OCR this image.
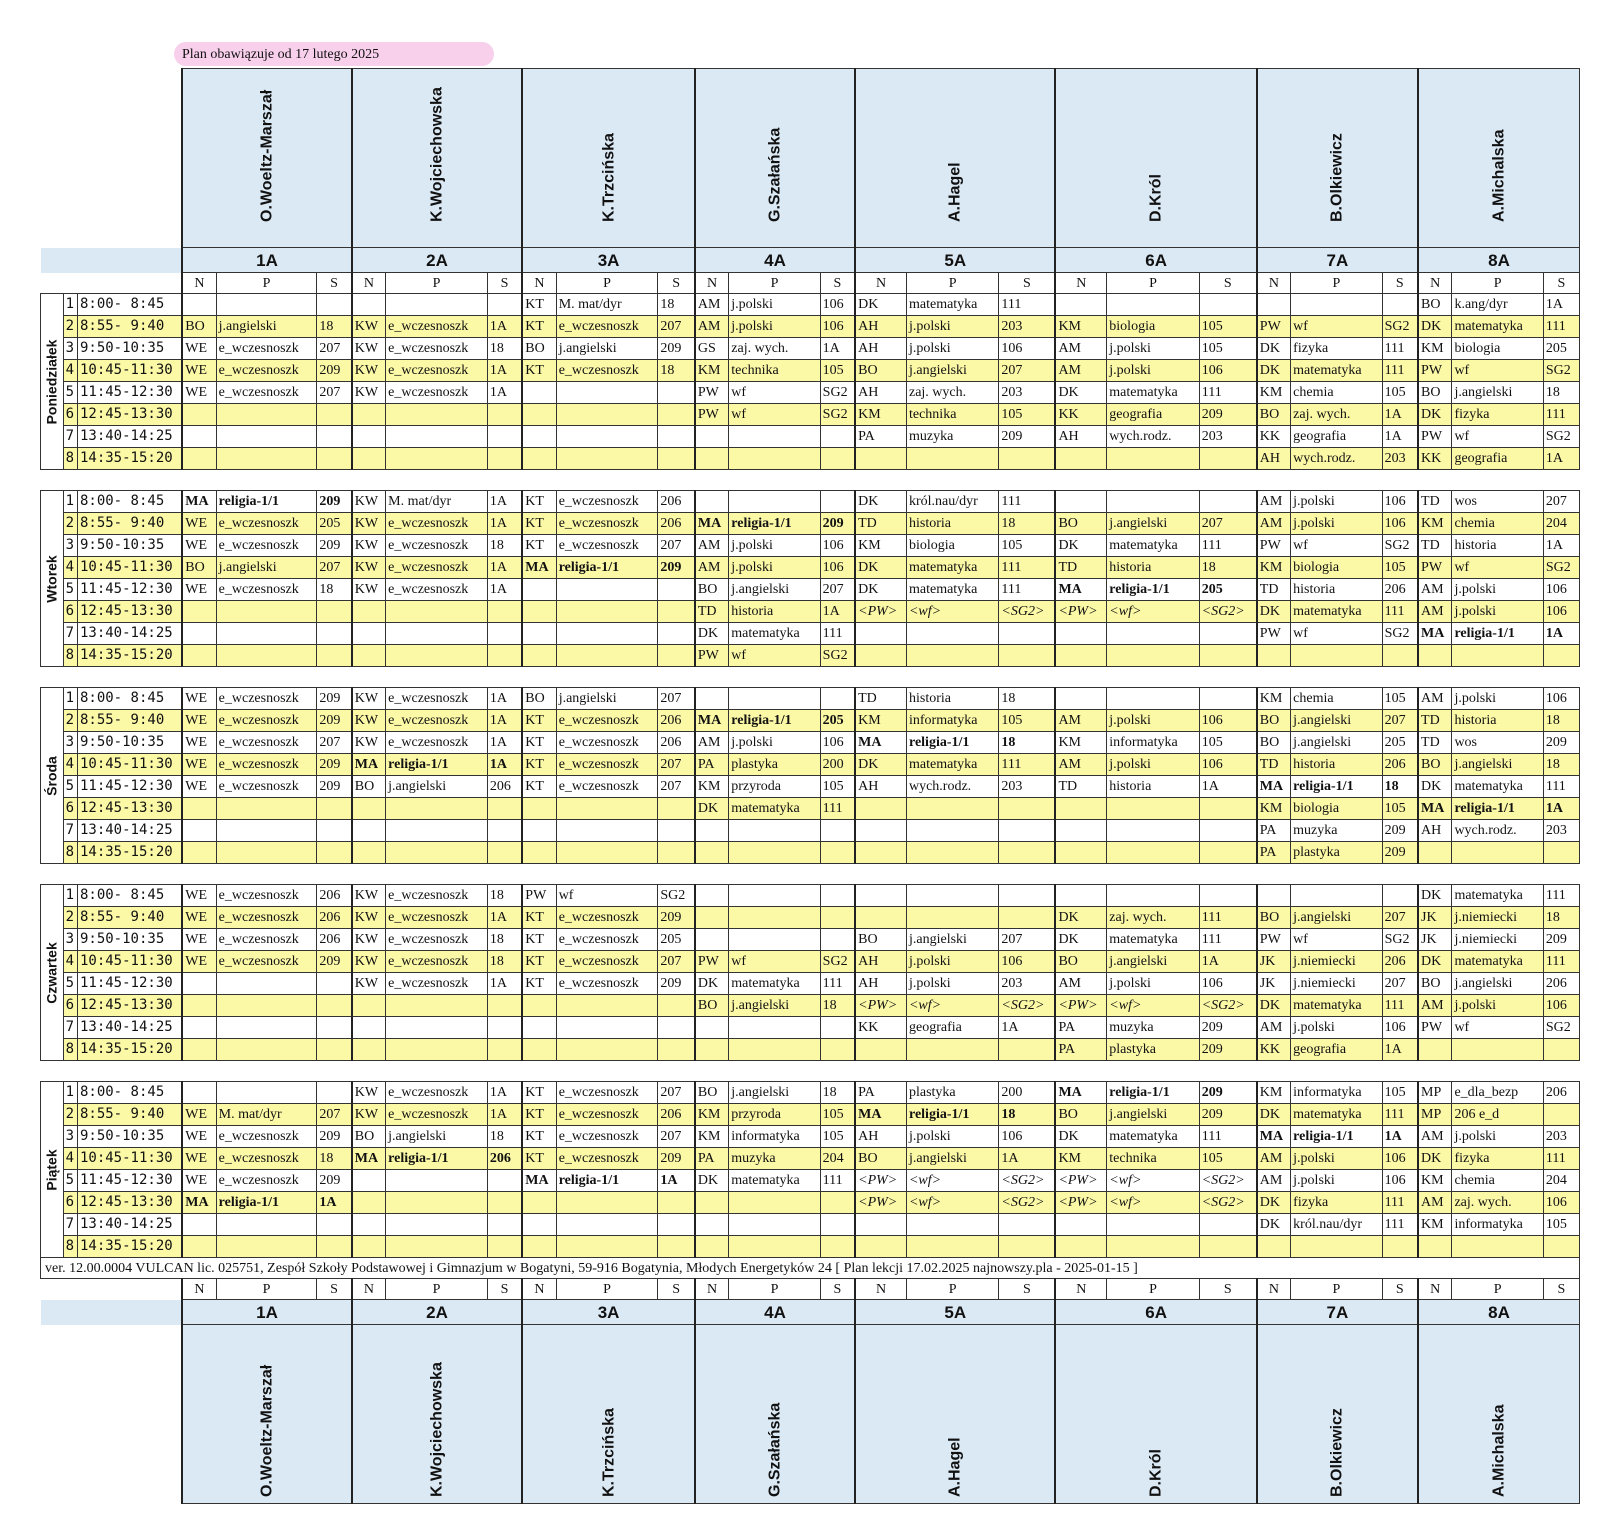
Plan obawiązuje od 17 lutego 2025

			O.Woeltz-Marszał			K.Wojciechowska			K.Trzcińska			G.Szałańska			A.Hagel			D.Król			B.Olkiewicz			A.Michalska		

			1A			2A			3A			4A			5A			6A			7A			8A		
			N	P	S	N	P	S	N	P	S	N	P	S	N	P	S	N	P	S	N	P	S	N	P	S

Poniedziałek	1	8:00- 8:45							KT	M. mat/dyr	18	AM	j.polski	106	DK	matematyka	111							BO	k.ang/dyr	1A
	2	8:55- 9:40	BO	j.angielski	18	KW	e_wczesnoszk	1A	KT	e_wczesnoszk	207	AM	j.polski	106	AH	j.polski	203	KM	biologia	105	PW	wf	SG2	DK	matematyka	111
	3	9:50-10:35	WE	e_wczesnoszk	207	KW	e_wczesnoszk	18	BO	j.angielski	209	GS	zaj. wych.	1A	AH	j.polski	106	AM	j.polski	105	DK	fizyka	111	KM	biologia	205
	4	10:45-11:30	WE	e_wczesnoszk	209	KW	e_wczesnoszk	1A	KT	e_wczesnoszk	18	KM	technika	105	BO	j.angielski	207	AM	j.polski	106	DK	matematyka	111	PW	wf	SG2
	5	11:45-12:30	WE	e_wczesnoszk	207	KW	e_wczesnoszk	1A				PW	wf	SG2	AH	zaj. wych.	203	DK	matematyka	111	KM	chemia	105	BO	j.angielski	18
	6	12:45-13:30										PW	wf	SG2	KM	technika	105	KK	geografia	209	BO	zaj. wych.	1A	DK	fizyka	111
	7	13:40-14:25													PA	muzyka	209	AH	wych.rodz.	203	KK	geografia	1A	PW	wf	SG2
	8	14:35-15:20																			AH	wych.rodz.	203	KK	geografia	1A

Wtorek	1	8:00- 8:45	MA	religia-1/1	209	KW	M. mat/dyr	1A	KT	e_wczesnoszk	206				DK	król.nau/dyr	111				AM	j.polski	106	TD	wos	207
	2	8:55- 9:40	WE	e_wczesnoszk	205	KW	e_wczesnoszk	1A	KT	e_wczesnoszk	206	MA	religia-1/1	209	TD	historia	18	BO	j.angielski	207	AM	j.polski	106	KM	chemia	204
	3	9:50-10:35	WE	e_wczesnoszk	209	KW	e_wczesnoszk	18	KT	e_wczesnoszk	207	AM	j.polski	106	KM	biologia	105	DK	matematyka	111	PW	wf	SG2	TD	historia	1A
	4	10:45-11:30	BO	j.angielski	207	KW	e_wczesnoszk	1A	MA	religia-1/1	209	AM	j.polski	106	DK	matematyka	111	TD	historia	18	KM	biologia	105	PW	wf	SG2
	5	11:45-12:30	WE	e_wczesnoszk	18	KW	e_wczesnoszk	1A				BO	j.angielski	207	DK	matematyka	111	MA	religia-1/1	205	TD	historia	206	AM	j.polski	106
	6	12:45-13:30										TD	historia	1A	<PW>	<wf>	<SG2>	<PW>	<wf>	<SG2>	DK	matematyka	111	AM	j.polski	106
	7	13:40-14:25										DK	matematyka	111							PW	wf	SG2	MA	religia-1/1	1A
	8	14:35-15:20										PW	wf	SG2												

Środa	1	8:00- 8:45	WE	e_wczesnoszk	209	KW	e_wczesnoszk	1A	BO	j.angielski	207				TD	historia	18				KM	chemia	105	AM	j.polski	106
	2	8:55- 9:40	WE	e_wczesnoszk	209	KW	e_wczesnoszk	1A	KT	e_wczesnoszk	206	MA	religia-1/1	205	KM	informatyka	105	AM	j.polski	106	BO	j.angielski	207	TD	historia	18
	3	9:50-10:35	WE	e_wczesnoszk	207	KW	e_wczesnoszk	1A	KT	e_wczesnoszk	206	AM	j.polski	106	MA	religia-1/1	18	KM	informatyka	105	BO	j.angielski	205	TD	wos	209
	4	10:45-11:30	WE	e_wczesnoszk	209	MA	religia-1/1	1A	KT	e_wczesnoszk	207	PA	plastyka	200	DK	matematyka	111	AM	j.polski	106	TD	historia	206	BO	j.angielski	18
	5	11:45-12:30	WE	e_wczesnoszk	209	BO	j.angielski	206	KT	e_wczesnoszk	207	KM	przyroda	105	AH	wych.rodz.	203	TD	historia	1A	MA	religia-1/1	18	DK	matematyka	111
	6	12:45-13:30										DK	matematyka	111							KM	biologia	105	MA	religia-1/1	1A
	7	13:40-14:25																			PA	muzyka	209	AH	wych.rodz.	203
	8	14:35-15:20																			PA	plastyka	209			

Czwartek	1	8:00- 8:45	WE	e_wczesnoszk	206	KW	e_wczesnoszk	18	PW	wf	SG2													DK	matematyka	111
	2	8:55- 9:40	WE	e_wczesnoszk	206	KW	e_wczesnoszk	1A	KT	e_wczesnoszk	209							DK	zaj. wych.	111	BO	j.angielski	207	JK	j.niemiecki	18
	3	9:50-10:35	WE	e_wczesnoszk	206	KW	e_wczesnoszk	18	KT	e_wczesnoszk	205				BO	j.angielski	207	DK	matematyka	111	PW	wf	SG2	JK	j.niemiecki	209
	4	10:45-11:30	WE	e_wczesnoszk	209	KW	e_wczesnoszk	18	KT	e_wczesnoszk	207	PW	wf	SG2	AH	j.polski	106	BO	j.angielski	1A	JK	j.niemiecki	206	DK	matematyka	111
	5	11:45-12:30				KW	e_wczesnoszk	1A	KT	e_wczesnoszk	209	DK	matematyka	111	AH	j.polski	203	AM	j.polski	106	JK	j.niemiecki	207	BO	j.angielski	206
	6	12:45-13:30										BO	j.angielski	18	<PW>	<wf>	<SG2>	<PW>	<wf>	<SG2>	DK	matematyka	111	AM	j.polski	106
	7	13:40-14:25													KK	geografia	1A	PA	muzyka	209	AM	j.polski	106	PW	wf	SG2
	8	14:35-15:20																PA	plastyka	209	KK	geografia	1A			

Piątek	1	8:00- 8:45				KW	e_wczesnoszk	1A	KT	e_wczesnoszk	207	BO	j.angielski	18	PA	plastyka	200	MA	religia-1/1	209	KM	informatyka	105	MP	e_dla_bezp	206
	2	8:55- 9:40	WE	M. mat/dyr	207	KW	e_wczesnoszk	1A	KT	e_wczesnoszk	206	KM	przyroda	105	MA	religia-1/1	18	BO	j.angielski	209	DK	matematyka	111	MP	206 e_d	
	3	9:50-10:35	WE	e_wczesnoszk	209	BO	j.angielski	18	KT	e_wczesnoszk	207	KM	informatyka	105	AH	j.polski	106	DK	matematyka	111	MA	religia-1/1	1A	AM	j.polski	203
	4	10:45-11:30	WE	e_wczesnoszk	18	MA	religia-1/1	206	KT	e_wczesnoszk	209	PA	muzyka	204	BO	j.angielski	1A	KM	technika	105	AM	j.polski	106	DK	fizyka	111
	5	11:45-12:30	WE	e_wczesnoszk	209				MA	religia-1/1	1A	DK	matematyka	111	<PW>	<wf>	<SG2>	<PW>	<wf>	<SG2>	AM	j.polski	106	KM	chemia	204
	6	12:45-13:30	MA	religia-1/1	1A										<PW>	<wf>	<SG2>	<PW>	<wf>	<SG2>	DK	fizyka	111	AM	zaj. wych.	106
	7	13:40-14:25																			DK	król.nau/dyr	111	KM	informatyka	105
	8	14:35-15:20																								
ver. 12.00.0004 VULCAN lic. 025751, Zespół Szkoły Podstawowej i Gimnazjum w Bogatyni, 59-916 Bogatynia, Młodych Energetyków 24 [ Plan lekcji 17.02.2025 najnowszy.pla - 2025-01-15 ]																										
			N	P	S	N	P	S	N	P	S	N	P	S	N	P	S	N	P	S	N	P	S	N	P	S
			1A			2A			3A			4A			5A			6A			7A			8A		

			O.Woeltz-Marszał			K.Wojciechowska			K.Trzcińska			G.Szałańska			A.Hagel			D.Król			B.Olkiewicz			A.Michalska		
